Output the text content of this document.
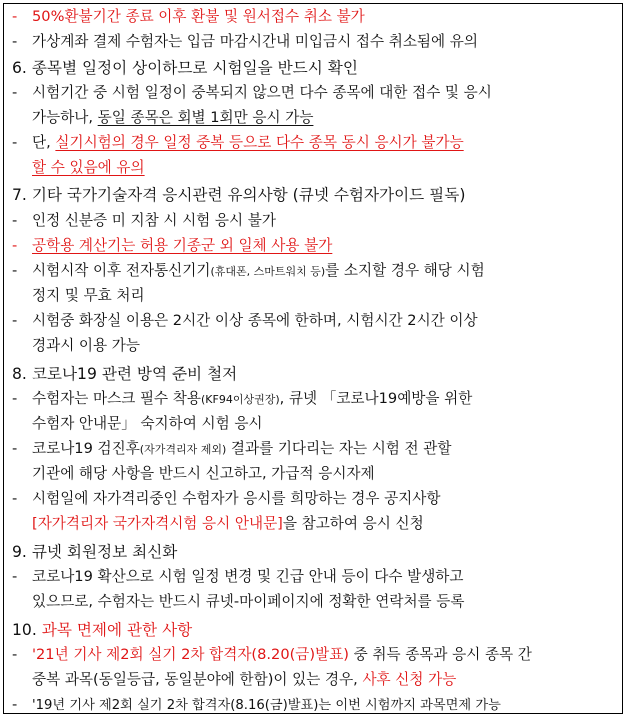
- 50%환불기간 종료 이후 환불 및 원서접수 취소 불가
- 가상계좌 결제 수험자는 입금 마감시간내 미입금시 접수 취소됨에 유의
6. 종목별 일정이 상이하므로 시험일을 반드시 확인
- 시험기간 중 시험 일정이 중복되지 않으면 다수 종목에 대한 접수 및 응시
가능하나, 동일 종목은 회별 1회만 응시 가능
- 단, 실기시험의 경우 일정 중복 등으로 다수 종목 동시 응시가 불가능
할 수 있음에 유의
7. 기타 국가기술자격 응시관련 유의사항 (큐넷 수험자가이드 필독)
- 인정 신분증 미 지참 시 시험 응시 불가
- 공학용 계산기는 허용 기종군 외 일체 사용 불가
- 시험시작 이후 전자통신기기(휴대폰, 스마트워치 등)를 소지할 경우 해당 시험
정지 및 무효 처리
- 시험중 화장실 이용은 2시간 이상 종목에 한하며, 시험시간 2시간 이상
경과시 이용 가능
8. 코로나19 관련 방역 준비 철저
- 수험자는 마스크 필수 착용(KF94이상권장), 큐넷 「코로나19예방을 위한
수험자 안내문」 숙지하여 시험 응시
- 코로나19 검진후(자가격리자 제외) 결과를 기다리는 자는 시험 전 관할
기관에 해당 사항을 반드시 신고하고, 가급적 응시자제
- 시험일에 자가격리중인 수험자가 응시를 희망하는 경우 공지사항
[자가격리자 국가자격시험 응시 안내문]을 참고하여 응시 신청
9. 큐넷 회원정보 최신화
- 코로나19 확산으로 시험 일정 변경 및 긴급 안내 등이 다수 발생하고
있으므로, 수험자는 반드시 큐넷-마이페이지에 정확한 연락처를 등록
10. 과목 면제에 관한 사항
- '21년 기사 제2회 실기 2차 합격자(8.20(금)발표) 중 취득 종목과 응시 종목 간
중복 과목(동일등급, 동일분야에 한함)이 있는 경우, 사후 신청 가능
- '19년 기사 제2회 실기 2차 합격자(8.16(금)발표)는 이번 시험까지 과목면제 가능
